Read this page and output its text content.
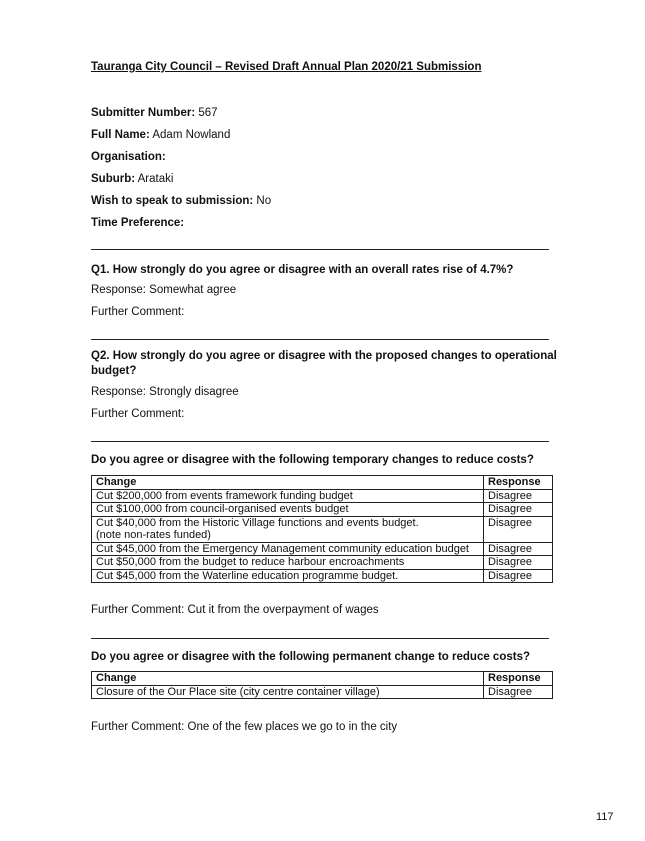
Tauranga City Council – Revised Draft Annual Plan 2020/21 Submission
Submitter Number: 567
Full Name: Adam Nowland
Organisation:
Suburb: Arataki
Wish to speak to submission: No
Time Preference:
Q1. How strongly do you agree or disagree with an overall rates rise of 4.7%?
Response: Somewhat agree
Further Comment:
Q2. How strongly do you agree or disagree with the proposed changes to operational budget?
Response: Strongly disagree
Further Comment:
Do you agree or disagree with the following temporary changes to reduce costs?
Change	Response
Cut $200,000 from events framework funding budget	Disagree
Cut $100,000 from council-organised events budget	Disagree

Cut $40,000 from the Historic Village functions and events budget.
(note non-rates funded)	Disagree
Cut $45,000 from the Emergency Management community education budget	Disagree
Cut $50,000 from the budget to reduce harbour encroachments	Disagree
Cut $45,000 from the Waterline education programme budget.	Disagree
Further Comment: Cut it from the overpayment of wages
Do you agree or disagree with the following permanent change to reduce costs?
Change	Response
Closure of the Our Place site (city centre container village)	Disagree
Further Comment: One of the few places we go to in the city
117
